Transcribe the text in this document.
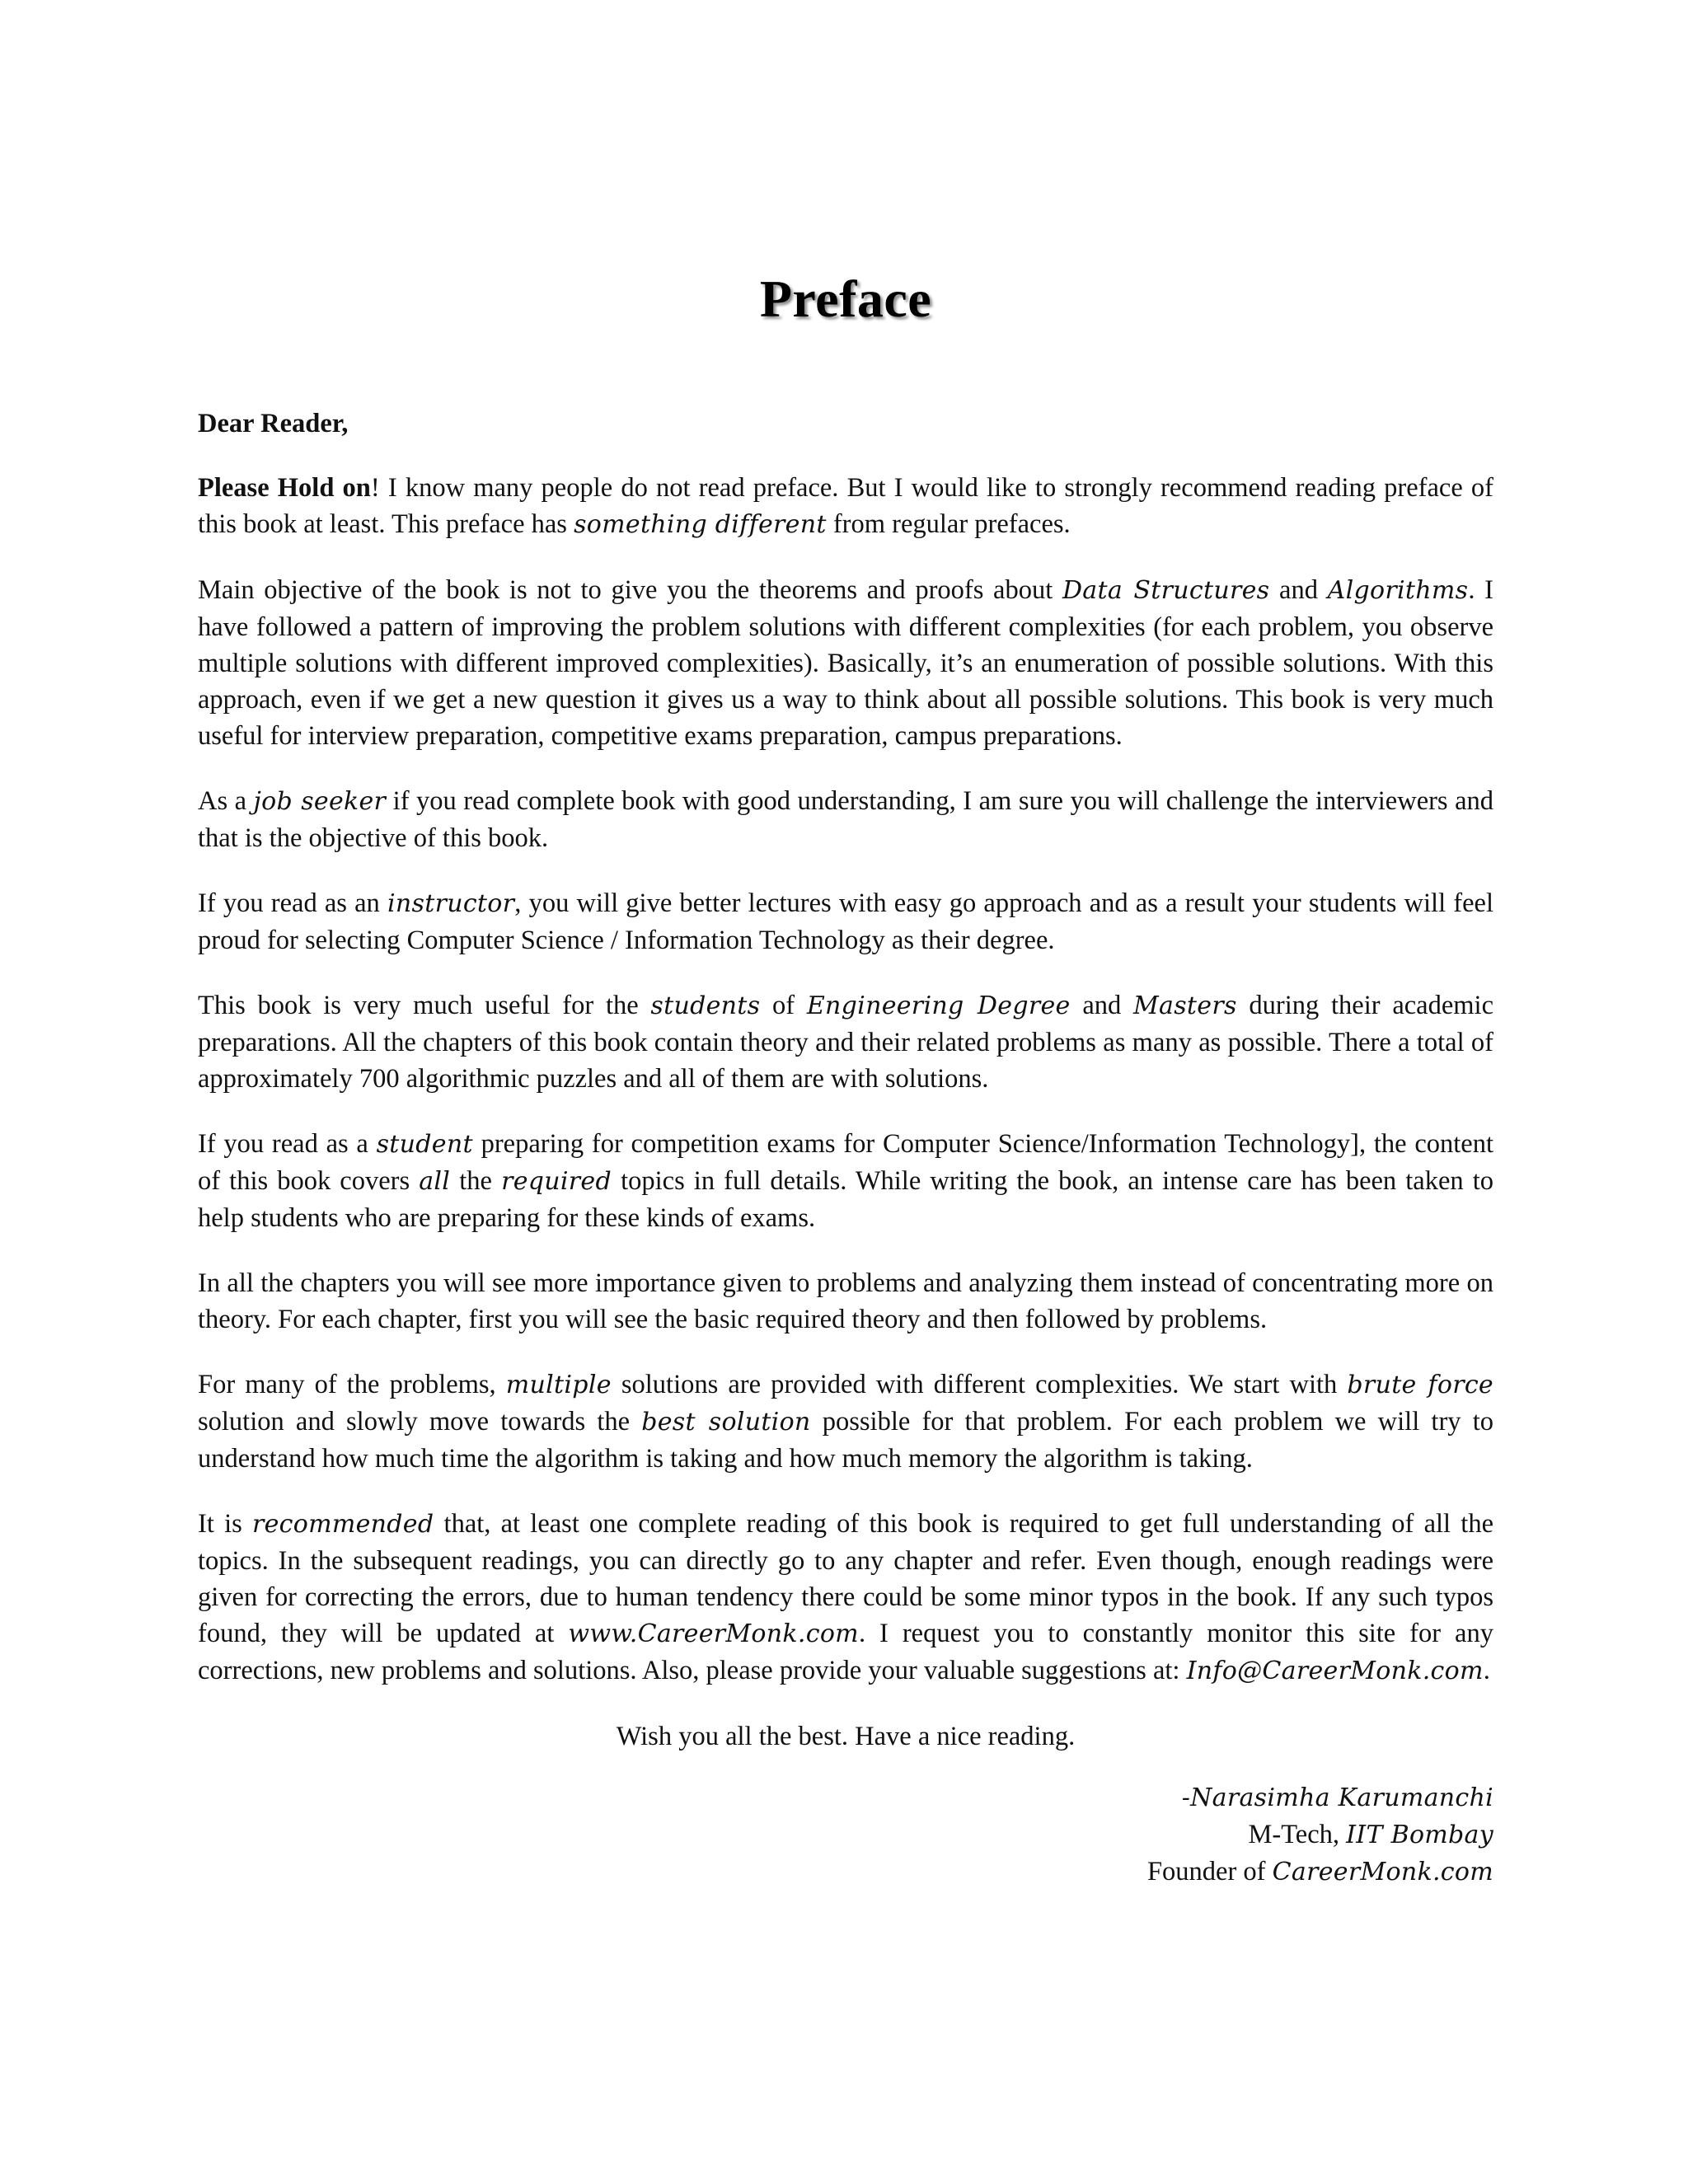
Preface

Dear Reader,

Please Hold on! I know many people do not read preface. But I would like to strongly recommend reading preface of this book at least. This preface has something different from regular prefaces.

Main objective of the book is not to give you the theorems and proofs about Data Structures and Algorithms. I have followed a pattern of improving the problem solutions with different complexities (for each problem, you observe multiple solutions with different improved complexities). Basically, it’s an enumeration of possible solutions. With this approach, even if we get a new question it gives us a way to think about all possible solutions. This book is very much useful for interview preparation, competitive exams preparation, campus preparations.

As a job seeker if you read complete book with good understanding, I am sure you will challenge the interviewers and that is the objective of this book.

If you read as an instructor, you will give better lectures with easy go approach and as a result your students will feel proud for selecting Computer Science / Information Technology as their degree.

This book is very much useful for the students of Engineering Degree and Masters during their academic preparations. All the chapters of this book contain theory and their related problems as many as possible. There a total of approximately 700 algorithmic puzzles and all of them are with solutions.

If you read as a student preparing for competition exams for Computer Science/Information Technology], the content of this book covers all the required topics in full details. While writing the book, an intense care has been taken to help students who are preparing for these kinds of exams.

In all the chapters you will see more importance given to problems and analyzing them instead of concentrating more on theory. For each chapter, first you will see the basic required theory and then followed by problems.

For many of the problems, multiple solutions are provided with different complexities. We start with brute force solution and slowly move towards the best solution possible for that problem. For each problem we will try to understand how much time the algorithm is taking and how much memory the algorithm is taking.

It is recommended that, at least one complete reading of this book is required to get full understanding of all the topics. In the subsequent readings, you can directly go to any chapter and refer. Even though, enough readings were given for correcting the errors, due to human tendency there could be some minor typos in the book. If any such typos found, they will be updated at www.CareerMonk.com. I request you to constantly monitor this site for any corrections, new problems and solutions. Also, please provide your valuable suggestions at: Info@CareerMonk.com.

Wish you all the best. Have a nice reading.

-Narasimha Karumanchi
M-Tech, IIT Bombay
Founder of CareerMonk.com
